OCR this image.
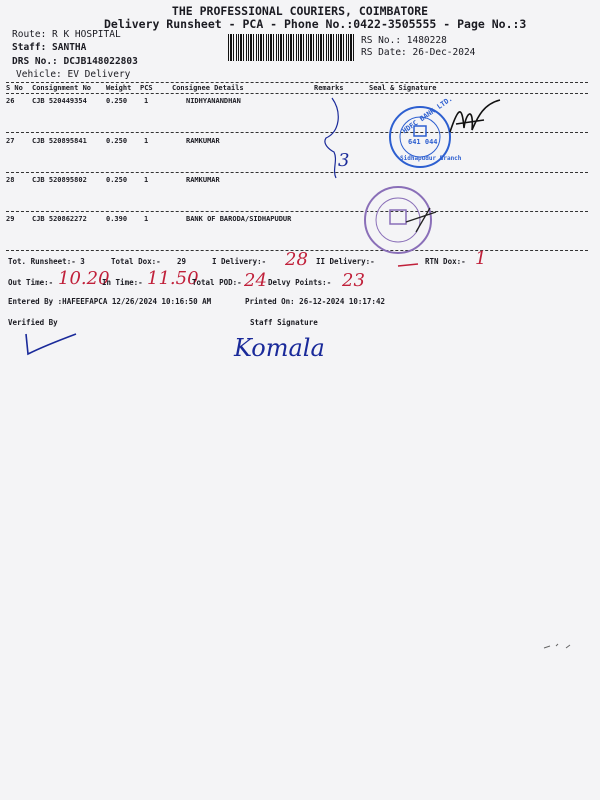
THE PROFESSIONAL COURIERS, COIMBATORE
Delivery Runsheet - PCA - Phone No.:0422-3505555 - Page No.:3
Route: R K HOSPITAL
Staff: SANTHA
DRS No.: DCJB148022803
Vehicle: EV Delivery
RS No.: 1480228
RS Date: 26-Dec-2024
S No Consignment No Weight PCS	Consignee Details	Remarks	Seal & Signature
26	CJB 520449354	0.250 1	NIDHYANANDHAN
27	CJB 520895841	0.250 1	RAMKUMAR
28	CJB 520895802	0.250 1	RAMKUMAR
29	CJB 520862272	0.390 1	BANK OF BARODA/SIDHAPUDUR
3
HDFC BANK LTD.
641 044
Sidhapudur Branch
Tot. Runsheet:- 3	Total Dox:- 29	I Delivery:- 28 II Delivery:-	RTN Dox:- 1
Out Time:- 10.20
In Time:- 11.50
Total POD:- 24 Delvy Points:- 23
Entered By :HAFEEFAPCA 12/26/2024 10:16:50 AM	Printed On: 26-12-2024 10:17:42
Verified By	Staff Signature
Komala
